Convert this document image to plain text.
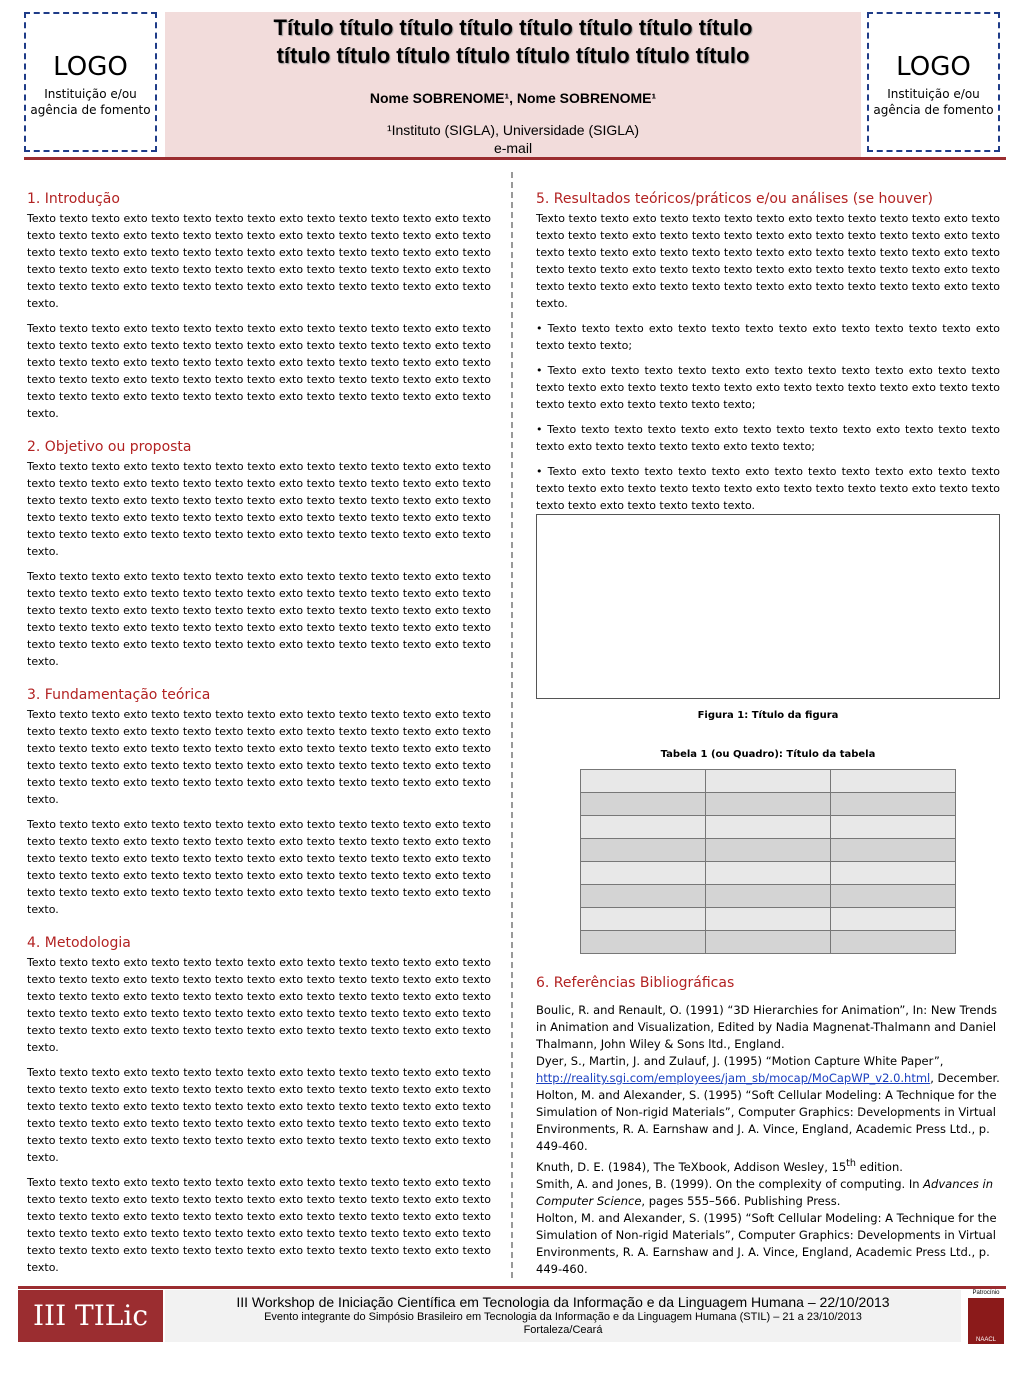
LOGO
Instituição e/ou
agência de fomento
Título título título título título título título título
título título título título título título título título
Nome SOBRENOME¹, Nome SOBRENOME¹
¹Instituto (SIGLA), Universidade (SIGLA)
e-mail
LOGO
Instituição e/ou
agência de fomento
1. Introdução

Texto texto texto exto texto texto texto texto exto texto texto texto texto exto texto texto texto texto exto texto texto texto texto exto texto texto texto texto exto texto texto texto texto exto texto texto texto texto exto texto texto texto texto exto texto texto texto texto exto texto texto texto texto exto texto texto texto texto exto texto texto texto texto exto texto texto texto texto exto texto texto texto texto exto texto texto.

Texto texto texto exto texto texto texto texto exto texto texto texto texto exto texto texto texto texto exto texto texto texto texto exto texto texto texto texto exto texto texto texto texto exto texto texto texto texto exto texto texto texto texto exto texto texto texto texto exto texto texto texto texto exto texto texto texto texto exto texto texto texto texto exto texto texto texto texto exto texto texto texto texto exto texto texto.

2. Objetivo ou proposta

Texto texto texto exto texto texto texto texto exto texto texto texto texto exto texto texto texto texto exto texto texto texto texto exto texto texto texto texto exto texto texto texto texto exto texto texto texto texto exto texto texto texto texto exto texto texto texto texto exto texto texto texto texto exto texto texto texto texto exto texto texto texto texto exto texto texto texto texto exto texto texto texto texto exto texto texto.

Texto texto texto exto texto texto texto texto exto texto texto texto texto exto texto texto texto texto exto texto texto texto texto exto texto texto texto texto exto texto texto texto texto exto texto texto texto texto exto texto texto texto texto exto texto texto texto texto exto texto texto texto texto exto texto texto texto texto exto texto texto texto texto exto texto texto texto texto exto texto texto texto texto exto texto texto.

3. Fundamentação teórica

Texto texto texto exto texto texto texto texto exto texto texto texto texto exto texto texto texto texto exto texto texto texto texto exto texto texto texto texto exto texto texto texto texto exto texto texto texto texto exto texto texto texto texto exto texto texto texto texto exto texto texto texto texto exto texto texto texto texto exto texto texto texto texto exto texto texto texto texto exto texto texto texto texto exto texto texto.

Texto texto texto exto texto texto texto texto exto texto texto texto texto exto texto texto texto texto exto texto texto texto texto exto texto texto texto texto exto texto texto texto texto exto texto texto texto texto exto texto texto texto texto exto texto texto texto texto exto texto texto texto texto exto texto texto texto texto exto texto texto texto texto exto texto texto texto texto exto texto texto texto texto exto texto texto.

4. Metodologia

Texto texto texto exto texto texto texto texto exto texto texto texto texto exto texto texto texto texto exto texto texto texto texto exto texto texto texto texto exto texto texto texto texto exto texto texto texto texto exto texto texto texto texto exto texto texto texto texto exto texto texto texto texto exto texto texto texto texto exto texto texto texto texto exto texto texto texto texto exto texto texto texto texto exto texto texto.

Texto texto texto exto texto texto texto texto exto texto texto texto texto exto texto texto texto texto exto texto texto texto texto exto texto texto texto texto exto texto texto texto texto exto texto texto texto texto exto texto texto texto texto exto texto texto texto texto exto texto texto texto texto exto texto texto texto texto exto texto texto texto texto exto texto texto texto texto exto texto texto texto texto exto texto texto.

Texto texto texto exto texto texto texto texto exto texto texto texto texto exto texto texto texto texto exto texto texto texto texto exto texto texto texto texto exto texto texto texto texto exto texto texto texto texto exto texto texto texto texto exto texto texto texto texto exto texto texto texto texto exto texto texto texto texto exto texto texto texto texto exto texto texto texto texto exto texto texto texto texto exto texto texto.

5. Resultados teóricos/práticos e/ou análises (se houver)

Texto texto texto exto texto texto texto texto exto texto texto texto texto exto texto texto texto texto exto texto texto texto texto exto texto texto texto texto exto texto texto texto texto exto texto texto texto texto exto texto texto texto texto exto texto texto texto texto exto texto texto texto texto exto texto texto texto texto exto texto texto texto texto exto texto texto texto texto exto texto texto texto texto exto texto texto.

• Texto texto texto exto texto texto texto texto exto texto texto texto texto exto texto texto texto;

• Texto exto texto texto texto texto exto texto texto texto texto exto texto texto texto texto exto texto texto texto texto exto texto texto texto texto exto texto texto texto texto exto texto texto texto texto;

• Texto texto texto texto texto exto texto texto texto texto exto texto texto texto texto exto texto texto texto texto exto texto texto;

• Texto exto texto texto texto texto exto texto texto texto texto exto texto texto texto texto exto texto texto texto texto exto texto texto texto texto exto texto texto texto texto exto texto texto texto texto.

Figura 1: Título da figura

Tabela 1 (ou Quadro): Título da tabela

6. Referências Bibliográficas

Boulic, R. and Renault, O. (1991) “3D Hierarchies for Animation”, In: New Trends in Animation and Visualization, Edited by Nadia Magnenat-Thalmann and Daniel Thalmann, John Wiley & Sons ltd., England.

Dyer, S., Martin, J. and Zulauf, J. (1995) “Motion Capture White Paper”, http://reality.sgi.com/employees/jam_sb/mocap/MoCapWP_v2.0.html, December.

Holton, M. and Alexander, S. (1995) “Soft Cellular Modeling: A Technique for the Simulation of Non-rigid Materials”, Computer Graphics: Developments in Virtual Environments, R. A. Earnshaw and J. A. Vince, England, Academic Press Ltd., p. 449-460.

Knuth, D. E. (1984), The TeXbook, Addison Wesley, 15th edition.

Smith, A. and Jones, B. (1999). On the complexity of computing. In Advances in Computer Science, pages 555–566. Publishing Press.

Holton, M. and Alexander, S. (1995) “Soft Cellular Modeling: A Technique for the Simulation of Non-rigid Materials”, Computer Graphics: Developments in Virtual Environments, R. A. Earnshaw and J. A. Vince, England, Academic Press Ltd., p. 449-460.

III TILic	III Workshop de Iniciação Científica em Tecnologia da Informação e da Linguagem Humana – 22/10/2013
Evento integrante do Simpósio Brasileiro em Tecnologia da Informação e da Linguagem Humana (STIL) – 21 a 23/10/2013
Fortaleza/Ceará
Patrocínio
NAACL
